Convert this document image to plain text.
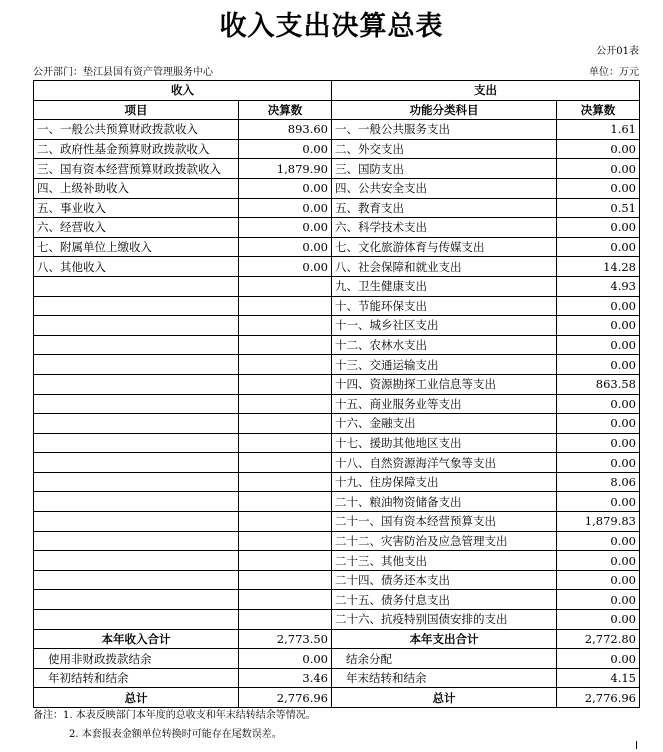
收入支出决算总表
公开01表
公开部门：垫江县国有资产管理服务中心	单位：万元
收入		支出	
项目	决算数	功能分类科目	决算数
一、一般公共预算财政拨款收入	893.60	一、一般公共服务支出	1.61
二、政府性基金预算财政拨款收入	0.00	二、外交支出	0.00
三、国有资本经营预算财政拨款收入	1,879.90	三、国防支出	0.00
四、上级补助收入	0.00	四、公共安全支出	0.00
五、事业收入	0.00	五、教育支出	0.51
六、经营收入	0.00	六、科学技术支出	0.00
七、附属单位上缴收入	0.00	七、文化旅游体育与传媒支出	0.00
八、其他收入	0.00	八、社会保障和就业支出	14.28
		九、卫生健康支出	4.93
		十、节能环保支出	0.00
		十一、城乡社区支出	0.00
		十二、农林水支出	0.00
		十三、交通运输支出	0.00
		十四、资源勘探工业信息等支出	863.58
		十五、商业服务业等支出	0.00
		十六、金融支出	0.00
		十七、援助其他地区支出	0.00
		十八、自然资源海洋气象等支出	0.00
		十九、住房保障支出	8.06
		二十、粮油物资储备支出	0.00
		二十一、国有资本经营预算支出	1,879.83
		二十二、灾害防治及应急管理支出	0.00
		二十三、其他支出	0.00
		二十四、债务还本支出	0.00
		二十五、债务付息支出	0.00
		二十六、抗疫特别国债安排的支出	0.00
本年收入合计	2,773.50	本年支出合计	2,772.80
使用非财政拨款结余	0.00	结余分配	0.00
年初结转和结余	3.46	年末结转和结余	4.15
总计	2,776.96	总计	2,776.96
备注：1. 本表反映部门本年度的总收支和年末结转结余等情况。
2. 本套报表金额单位转换时可能存在尾数误差。
